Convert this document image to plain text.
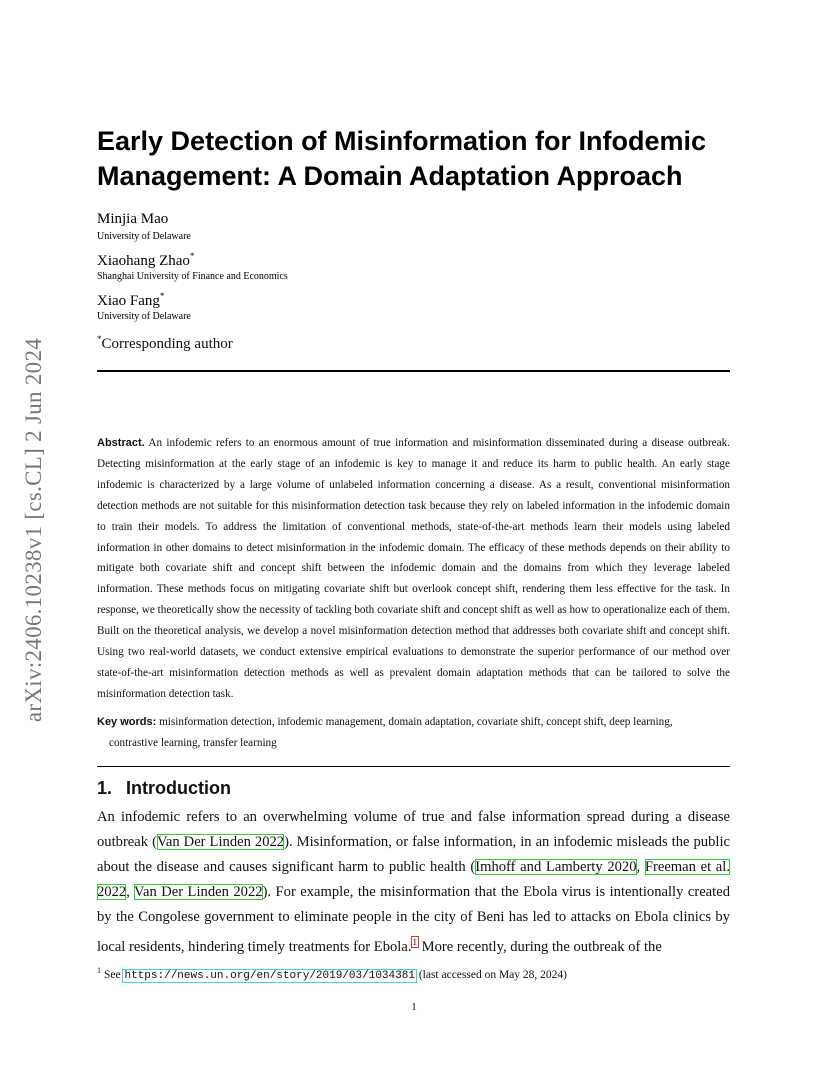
arXiv:2406.10238v1 [cs.CL] 2 Jun 2024
Early Detection of Misinformation for Infodemic
Management: A Domain Adaptation Approach
Minjia Mao
University of Delaware
Xiaohang Zhao*
Shanghai University of Finance and Economics
Xiao Fang*
University of Delaware
*Corresponding author

Abstract. An infodemic refers to an enormous amount of true information and misinformation disseminated during a disease outbreak. Detecting misinformation at the early stage of an infodemic is key to manage it and reduce its harm to public health. An early stage infodemic is characterized by a large volume of unlabeled information concerning a disease. As a result, conventional misinformation detection methods are not suitable for this misinformation detection task because they rely on labeled information in the infodemic domain to train their models. To address the limitation of conventional methods, state-of-the-art methods learn their models using labeled information in other domains to detect misinformation in the infodemic domain. The efficacy of these methods depends on their ability to mitigate both covariate shift and concept shift between the infodemic domain and the domains from which they leverage labeled information. These methods focus on mitigating covariate shift but overlook concept shift, rendering them less effective for the task. In response, we theoretically show the necessity of tackling both covariate shift and concept shift as well as how to operationalize each of them. Built on the theoretical analysis, we develop a novel misinformation detection method that addresses both covariate shift and concept shift. Using two real-world datasets, we conduct extensive empirical evaluations to demonstrate the superior performance of our method over state-of-the-art misinformation detection methods as well as prevalent domain adaptation methods that can be tailored to solve the misinformation detection task.

Key words: misinformation detection, infodemic management, domain adaptation, covariate shift, concept shift, deep learning,
contrastive learning, transfer learning
1. Introduction

An infodemic refers to an overwhelming volume of true and false information spread during a disease outbreak (Van Der Linden 2022). Misinformation, or false information, in an infodemic misleads the public about the disease and causes significant harm to public health (Imhoff and Lamberty 2020, Freeman et al. 2022, Van Der Linden 2022). For example, the misinformation that the Ebola virus is intentionally created by the Congolese government to eliminate people in the city of Beni has led to attacks on Ebola clinics by local residents, hindering timely treatments for Ebola.$^1$ More recently, during the outbreak of the

$^1$ See https://news.un.org/en/story/2019/03/1034381 (last accessed on May 28, 2024)

1
